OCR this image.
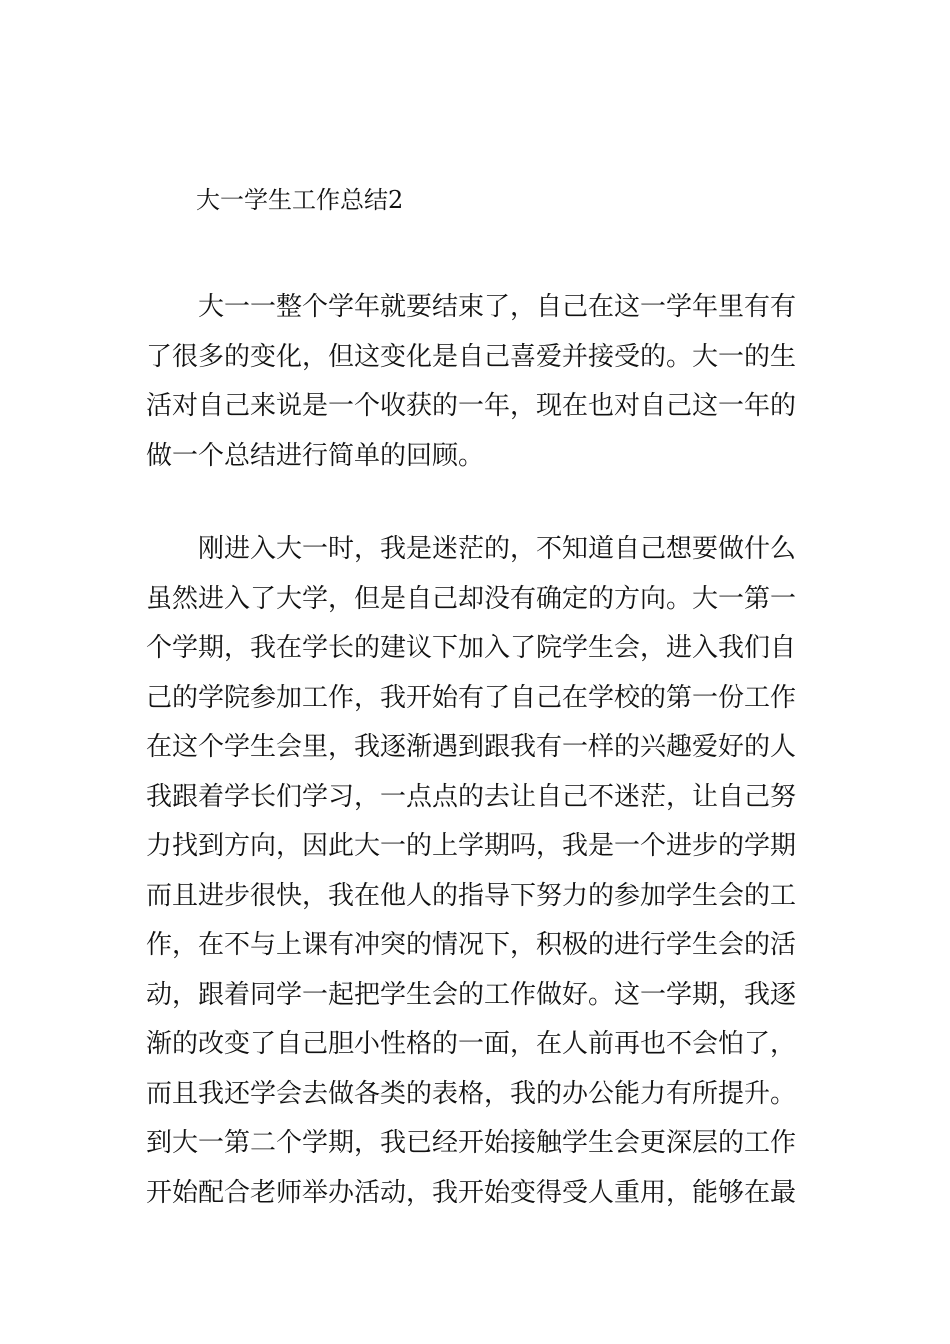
大一学生工作总结2
大一一整个学年就要结束了，自己在这一学年里有有
了很多的变化，但这变化是自己喜爱并接受的。大一的生
活对自己来说是一个收获的一年，现在也对自己这一年的
做一个总结进行简单的回顾。
刚进入大一时，我是迷茫的，不知道自己想要做什么
虽然进入了大学，但是自己却没有确定的方向。大一第一
个学期，我在学长的建议下加入了院学生会，进入我们自
己的学院参加工作，我开始有了自己在学校的第一份工作
在这个学生会里，我逐渐遇到跟我有一样的兴趣爱好的人
我跟着学长们学习，一点点的去让自己不迷茫，让自己努
力找到方向，因此大一的上学期吗，我是一个进步的学期
而且进步很快，我在他人的指导下努力的参加学生会的工
作，在不与上课有冲突的情况下，积极的进行学生会的活
动，跟着同学一起把学生会的工作做好。这一学期，我逐
渐的改变了自己胆小性格的一面，在人前再也不会怕了，
而且我还学会去做各类的表格，我的办公能力有所提升。
到大一第二个学期，我已经开始接触学生会更深层的工作
开始配合老师举办活动，我开始变得受人重用，能够在最
